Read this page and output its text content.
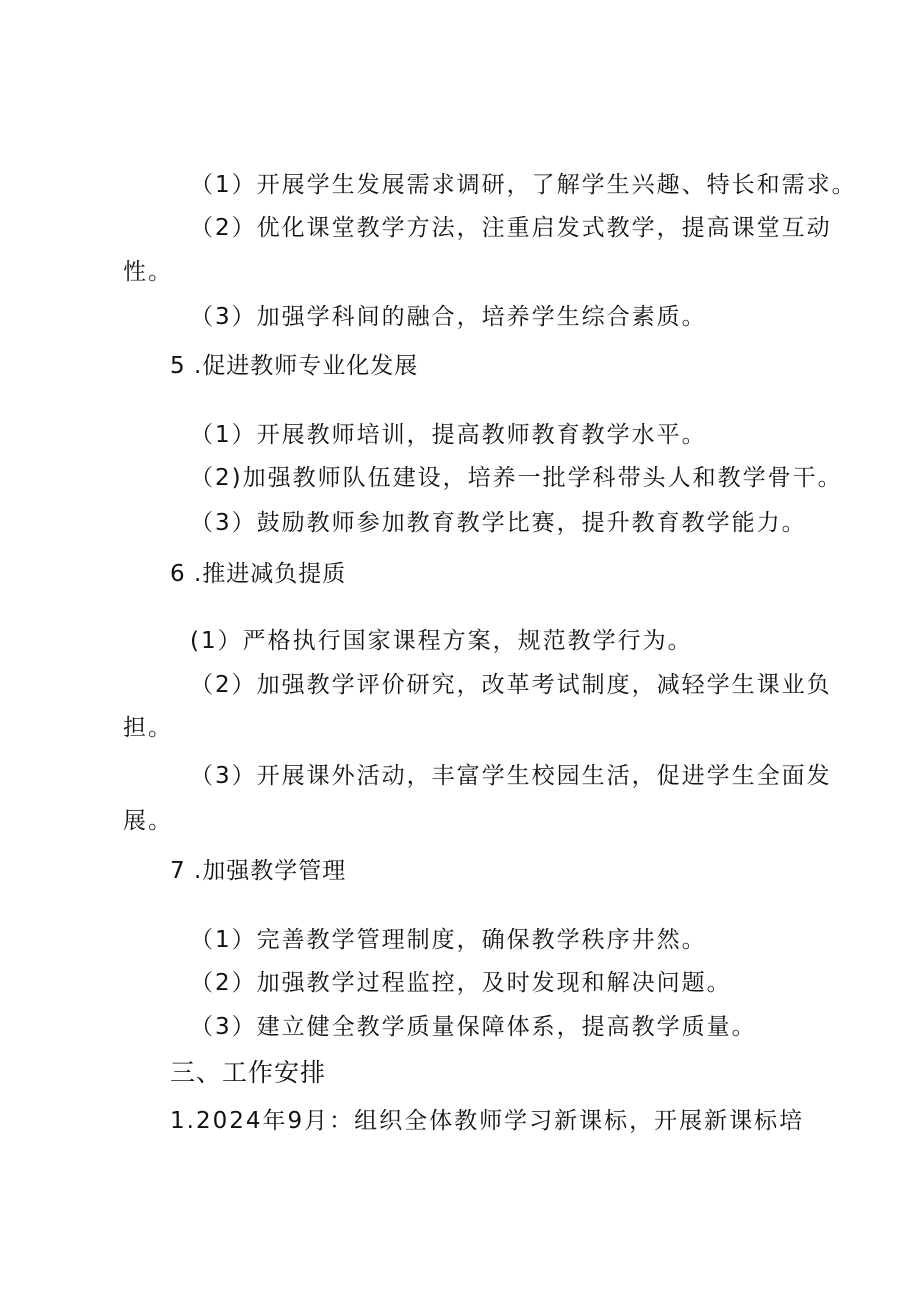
（1）开展学生发展需求调研，了解学生兴趣、特长和需求。
（2）优化课堂教学方法，注重启发式教学，提高课堂互动
性。
（3）加强学科间的融合，培养学生综合素质。
5 .促进教师专业化发展
（1）开展教师培训，提高教师教育教学水平。
（2)加强教师队伍建设，培养一批学科带头人和教学骨干。
（3）鼓励教师参加教育教学比赛，提升教育教学能力。
6 .推进减负提质
(1）严格执行国家课程方案，规范教学行为。
（2）加强教学评价研究，改革考试制度，减轻学生课业负
担。
（3）开展课外活动，丰富学生校园生活，促进学生全面发
展。
7 .加强教学管理
（1）完善教学管理制度，确保教学秩序井然。
（2）加强教学过程监控，及时发现和解决问题。
（3）建立健全教学质量保障体系，提高教学质量。
三、工作安排
1.2024年9月：组织全体教师学习新课标，开展新课标培
